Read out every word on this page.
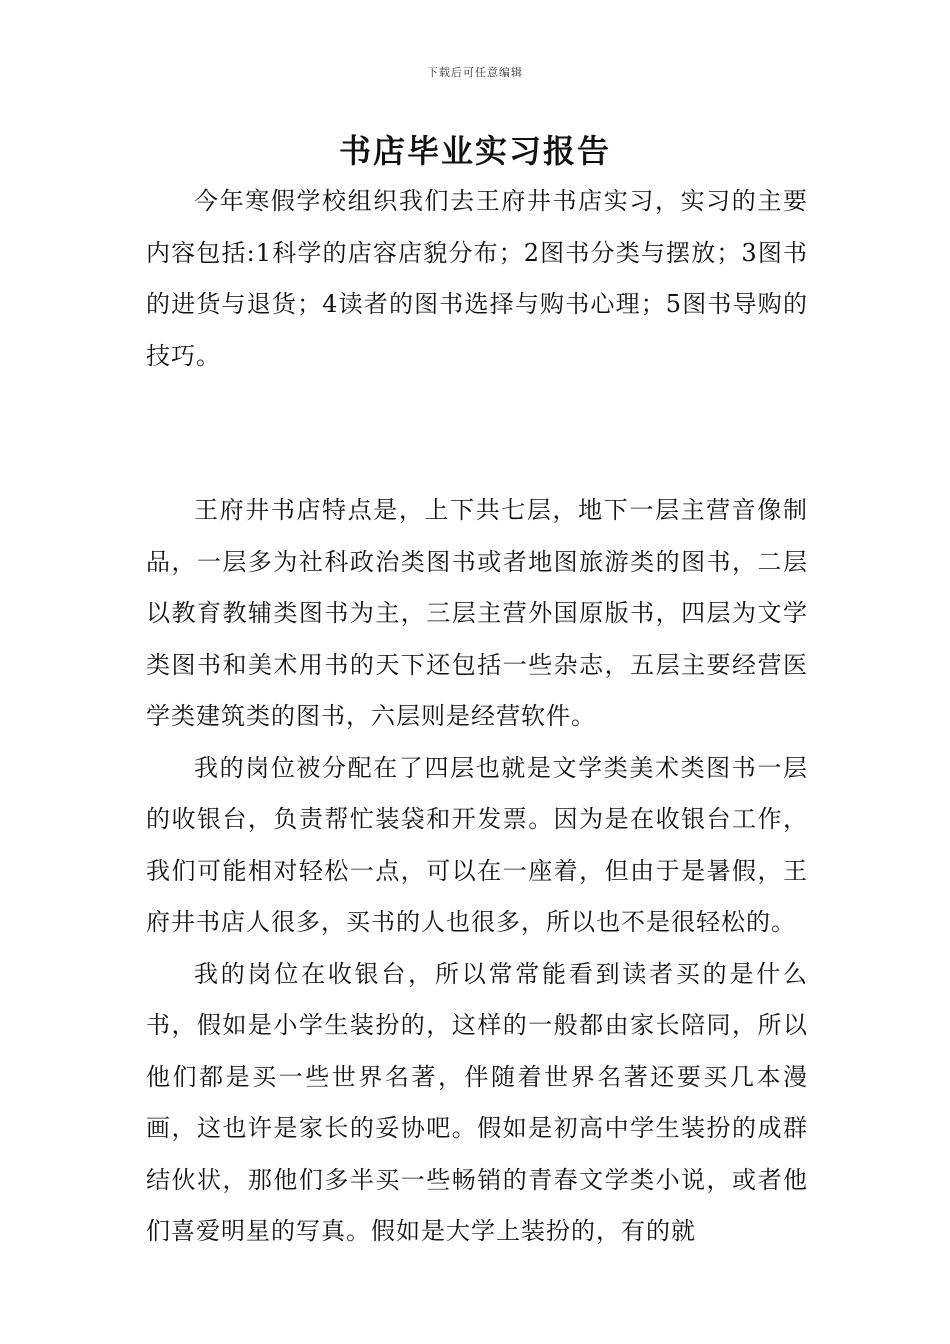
下载后可任意编辑
书店毕业实习报告

今年寒假学校组织我们去王府井书店实习，实习的主要内容包括:1科学的店容店貌分布；2图书分类与摆放；3图书的进货与退货；4读者的图书选择与购书心理；5图书导购的技巧。

王府井书店特点是，上下共七层，地下一层主营音像制品，一层多为社科政治类图书或者地图旅游类的图书，二层以教育教辅类图书为主，三层主营外国原版书，四层为文学类图书和美术用书的天下还包括一些杂志，五层主要经营医学类建筑类的图书，六层则是经营软件。

我的岗位被分配在了四层也就是文学类美术类图书一层的收银台，负责帮忙装袋和开发票。因为是在收银台工作，我们可能相对轻松一点，可以在一座着，但由于是暑假，王府井书店人很多，买书的人也很多，所以也不是很轻松的。

我的岗位在收银台，所以常常能看到读者买的是什么书，假如是小学生装扮的，这样的一般都由家长陪同，所以他们都是买一些世界名著，伴随着世界名著还要买几本漫画，这也许是家长的妥协吧。假如是初高中学生装扮的成群结伙状，那他们多半买一些畅销的青春文学类小说，或者他们喜爱明星的写真。假如是大学上装扮的，有的就
